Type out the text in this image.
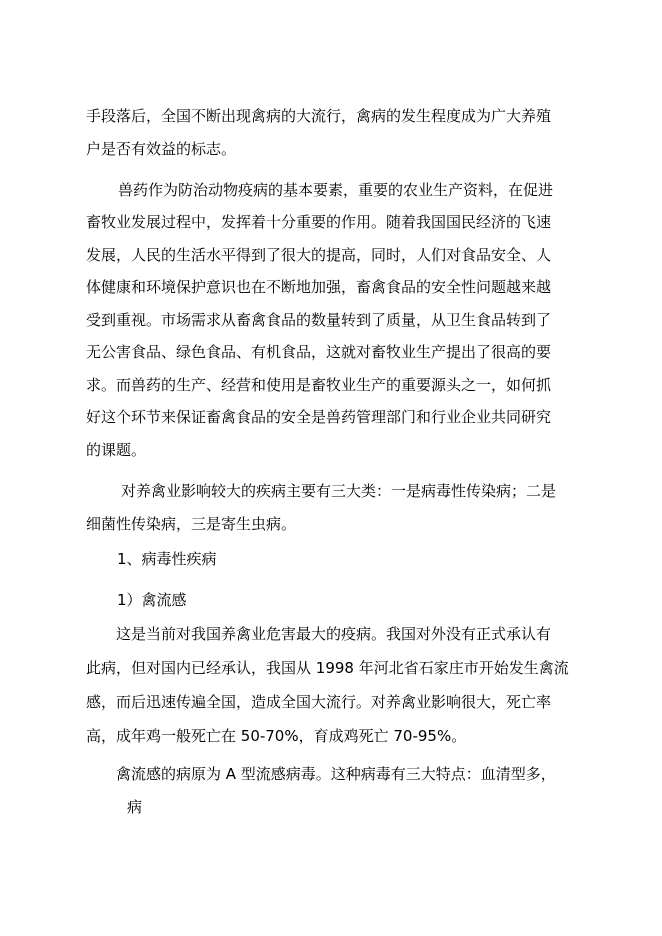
手段落后，全国不断出现禽病的大流行，禽病的发生程度成为广大养殖
户是否有效益的标志。
兽药作为防治动物疫病的基本要素，重要的农业生产资料，在促进
畜牧业发展过程中，发挥着十分重要的作用。随着我国国民经济的飞速
发展，人民的生活水平得到了很大的提高，同时，人们对食品安全、人
体健康和环境保护意识也在不断地加强，畜禽食品的安全性问题越来越
受到重视。市场需求从畜禽食品的数量转到了质量，从卫生食品转到了
无公害食品、绿色食品、有机食品，这就对畜牧业生产提出了很高的要
求。而兽药的生产、经营和使用是畜牧业生产的重要源头之一，如何抓
好这个环节来保证畜禽食品的安全是兽药管理部门和行业企业共同研究
的课题。
对养禽业影响较大的疾病主要有三大类：一是病毒性传染病；二是
细菌性传染病，三是寄生虫病。
1、病毒性疾病
1）禽流感
这是当前对我国养禽业危害最大的疫病。我国对外没有正式承认有
此病，但对国内已经承认，我国从 1998 年河北省石家庄市开始发生禽流
感，而后迅速传遍全国，造成全国大流行。对养禽业影响很大，死亡率
高，成年鸡一般死亡在 50-70%，育成鸡死亡 70-95%。
禽流感的病原为 A 型流感病毒。这种病毒有三大特点：血清型多，
病
